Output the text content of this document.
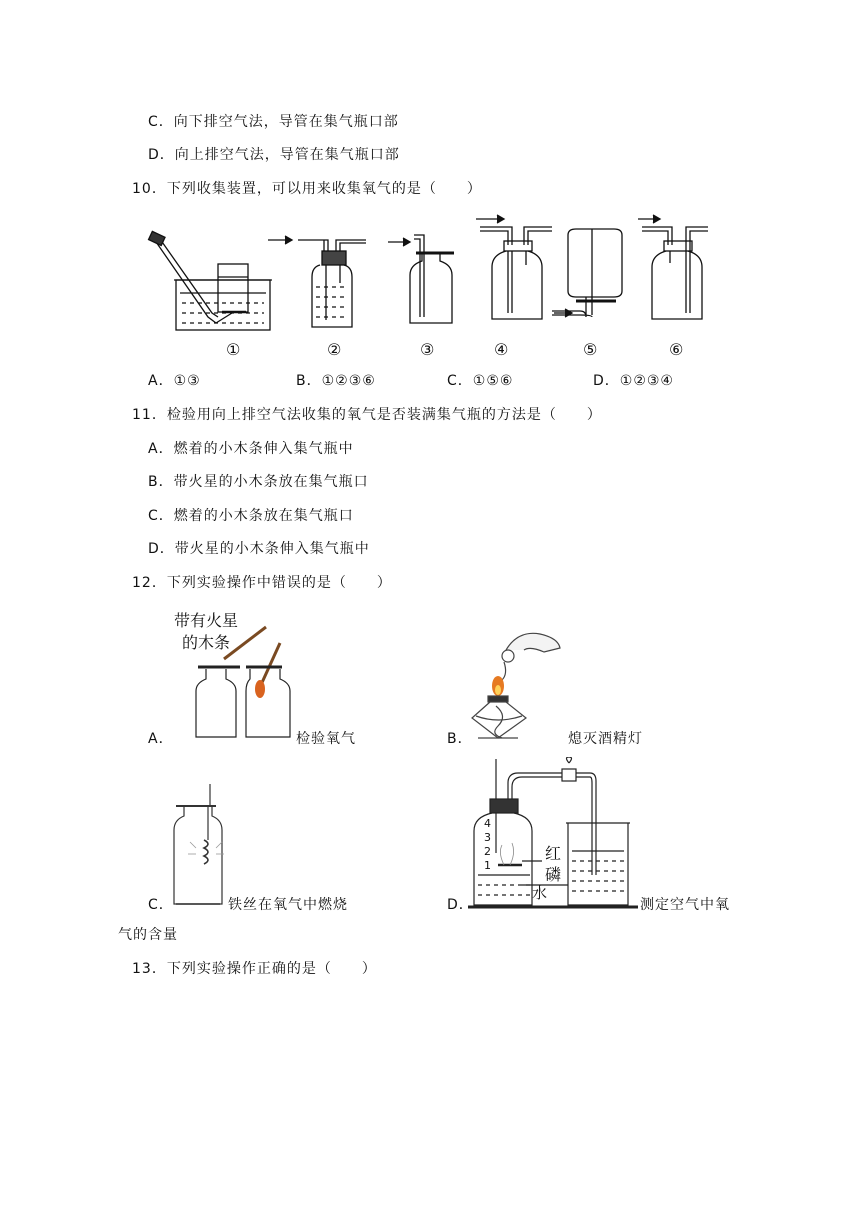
C．向下排空气法，导管在集气瓶口部
D．向上排空气法，导管在集气瓶口部
10．下列收集装置，可以用来收集氧气的是（　　）
①	②	③	④	⑤	⑥
A．①③	B．①②③⑥	C．①⑤⑥	D．①②③④
11．检验用向上排空气法收集的氧气是否装满集气瓶的方法是（　　）
A．燃着的小木条伸入集气瓶中
B．带火星的小木条放在集气瓶口
C．燃着的小木条放在集气瓶口
D．带火星的小木条伸入集气瓶中
12．下列实验操作中错误的是（　　）
带有火星
的木条
A．	检验氧气	B．	熄灭酒精灯
C．	铁丝在氧气中燃烧
4
3
2
1
红
磷
水
D．	测定空气中氧
气的含量
13．下列实验操作正确的是（　　）
